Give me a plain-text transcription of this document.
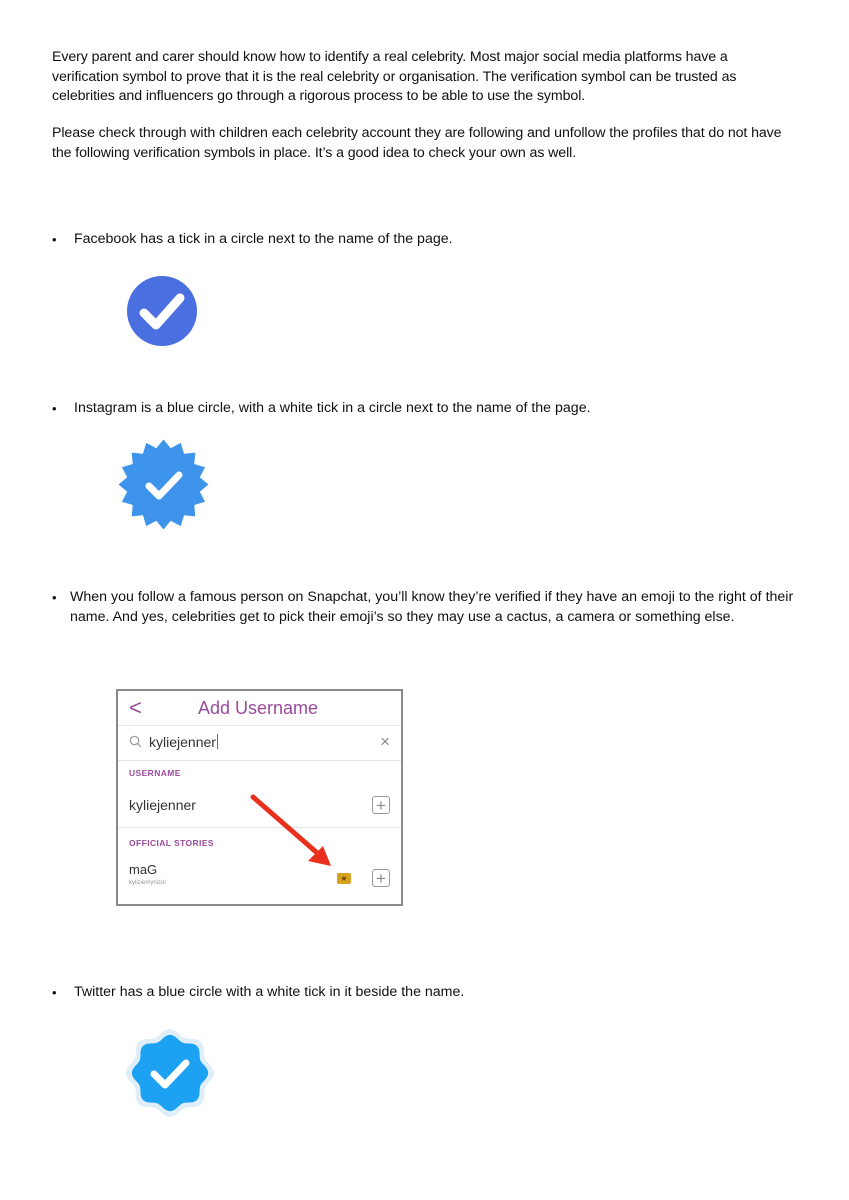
Every parent and carer should know how to identify a real celebrity. Most major social media platforms have a verification symbol to prove that it is the real celebrity or organisation. The verification symbol can be trusted as celebrities and influencers go through a rigorous process to be able to use the symbol.

Please check through with children each celebrity account they are following and unfollow the profiles that do not have the following verification symbols in place. It’s a good idea to check your own as well.

• Facebook has a tick in a circle next to the name of the page.
• Instagram is a blue circle, with a white tick in a circle next to the name of the page.
• When you follow a famous person on Snapchat, you’ll know they’re verified if they have an emoji to the right of their name. And yes, celebrities get to pick their emoji’s so they may use a cactus, a camera or something else.
<	Add Username
kyliejenner	×
USERNAME
kyliejenner	+
OFFICIAL STORIES
maG
kyliziemynizol	★ +
• Twitter has a blue circle with a white tick in it beside the name.
